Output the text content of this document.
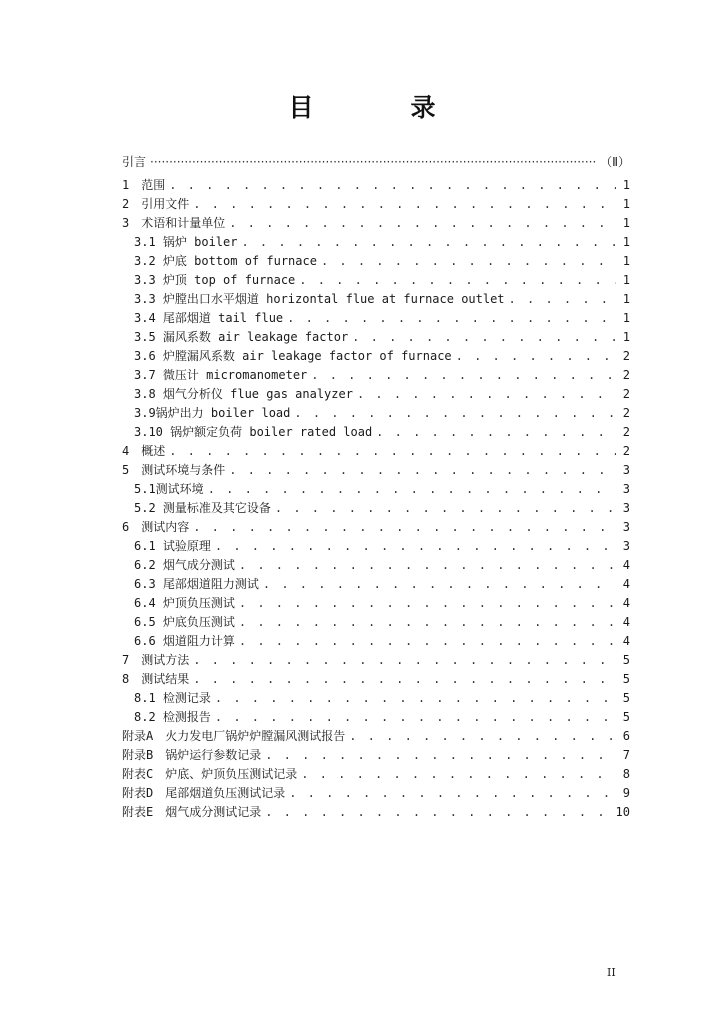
目　录
引言 ·····	（Ⅱ）
1　范围 . . .	1
2　引用文件 . . .	1
3　术语和计量单位 . . .	1
3.1 锅炉 boiler . . .	1
3.2 炉底 bottom of furnace . . .	1
3.3 炉顶 top of furnace . . .	1
3.3 炉膛出口水平烟道 horizontal flue at furnace outlet . . .	1
3.4 尾部烟道 tail flue . . .	1
3.5 漏风系数 air leakage factor . . .	1
3.6 炉膛漏风系数 air leakage factor of furnace . . .	2
3.7 微压计 micromanometer . . .	2
3.8 烟气分析仪 flue gas analyzer . . .	2
3.9锅炉出力 boiler load . . .	2
3.10 锅炉额定负荷 boiler rated load . . .	2
4　概述 . . .	2
5　测试环境与条件 . . .	3
5.1测试环境 . . .	3
5.2 测量标准及其它设备 . . .	3
6　测试内容 . . .	3
6.1 试验原理 . . .	3
6.2 烟气成分测试 . . .	4
6.3 尾部烟道阻力测试 . . .	4
6.4 炉顶负压测试 . . .	4
6.5 炉底负压测试 . . .	4
6.6 烟道阻力计算 . . .	4
7　测试方法 . . .	5
8　测试结果 . . .	5
8.1 检测记录 . . .	5
8.2 检测报告 . . .	5
附录A　火力发电厂锅炉炉膛漏风测试报告 . . .	6
附录B　锅炉运行参数记录 . . .	7
附表C　炉底、炉顶负压测试记录 . . .	8
附表D　尾部烟道负压测试记录 . . .	9
附表E　烟气成分测试记录 . . .	10
II
